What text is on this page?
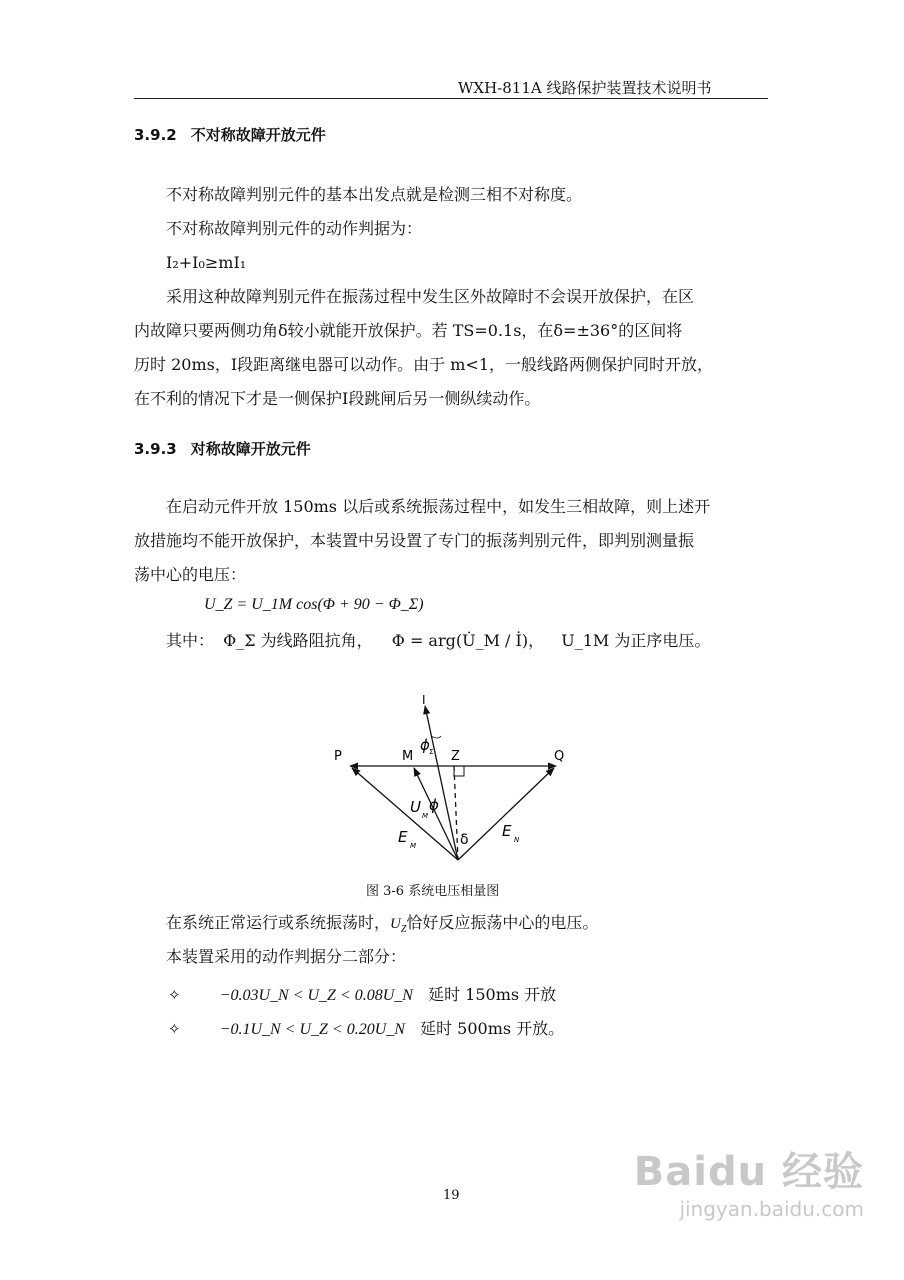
WXH-811A 线路保护装置技术说明书
3.9.2 不对称故障开放元件
不对称故障判别元件的基本出发点就是检测三相不对称度。
不对称故障判别元件的动作判据为：
I₂+I₀≥mI₁
采用这种故障判别元件在振荡过程中发生区外故障时不会误开放保护，在区
内故障只要两侧功角δ较小就能开放保护。若 TS=0.1s，在δ=±36°的区间将
历时 20ms，Ⅰ段距离继电器可以动作。由于 m<1，一般线路两侧保护同时开放，
在不利的情况下才是一侧保护Ⅰ段跳闸后另一侧纵续动作。
3.9.3 对称故障开放元件
在启动元件开放 150ms 以后或系统振荡过程中，如发生三相故障，则上述开
放措施均不能开放保护，本装置中另设置了专门的振荡判别元件，即判别测量振
荡中心的电压：
U_Z = U_1M cos(Φ + 90 − Φ_Σ)
其中： Φ_Σ 为线路阻抗角， Φ = arg(U̇_M / İ)， U_1M 为正序电压。
I
P	M	Z	Q
ϕ Σ
U M
ϕ
E M
E N
δ
图 3-6 系统电压相量图
在系统正常运行或系统振荡时，$U_Z$恰好反应振荡中心的电压。
本装置采用的动作判据分二部分：
✧ −0.03U_N < U_Z < 0.08U_N 延时 150ms 开放
✧ −0.1U_N < U_Z < 0.20U_N 延时 500ms 开放。
19
Baidu 经验
jingyan.baidu.com
